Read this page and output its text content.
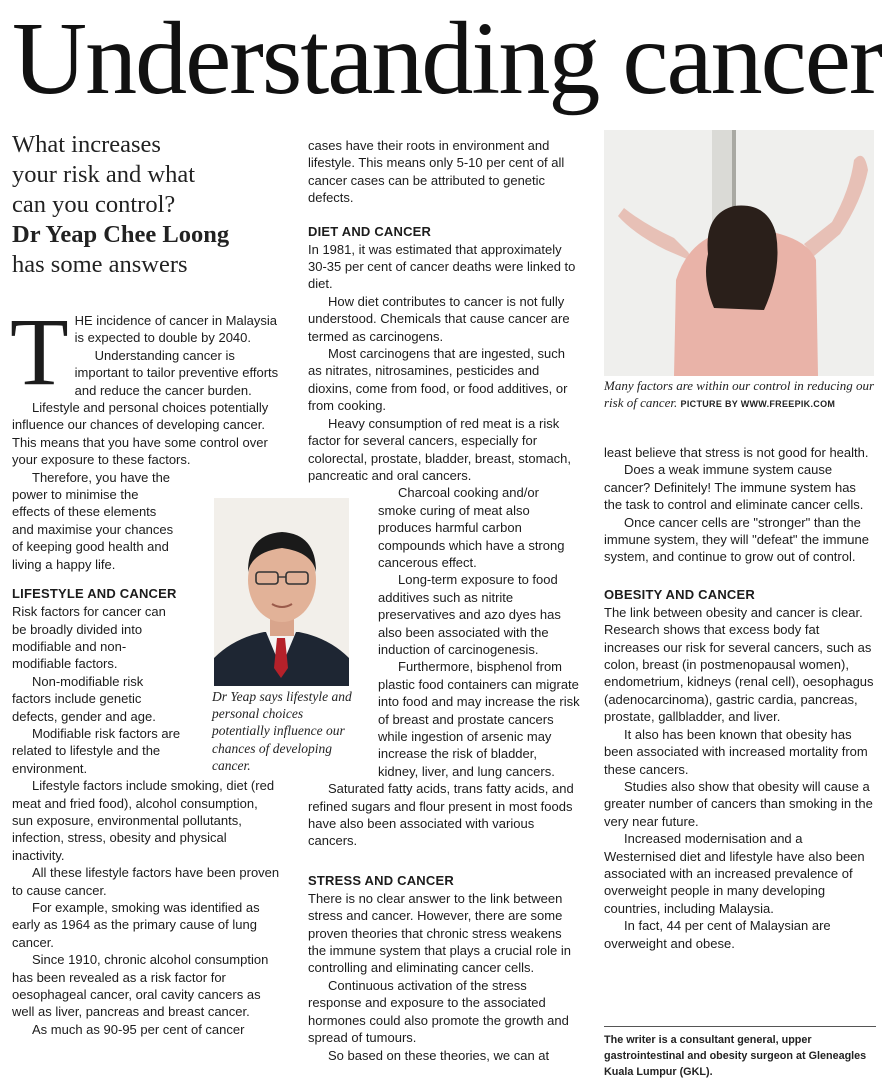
Understanding cancer
What increases
your risk and what
can you control?
Dr Yeap Chee Loong
has some answers

THE incidence of cancer in Malaysia is expected to double by 2040.

Understanding cancer is important to tailor preventive efforts and reduce the cancer burden.

Lifestyle and personal choices potentially influence our chances of developing cancer. This means that you have some control over your exposure to these factors.

Therefore, you have the power to minimise the effects of these elements and maximise your chances of keeping good health and living a happy life.

LIFESTYLE AND CANCER

Risk factors for cancer can be broadly divided into modifiable and non-modifiable factors.

Non-modifiable risk factors include genetic defects, gender and age.

Modifiable risk factors are related to lifestyle and the environment.

Lifestyle factors include smoking, diet (red meat and fried food), alcohol consumption, sun exposure, environmental pollutants, infection, stress, obesity and physical inactivity.

All these lifestyle factors have been proven to cause cancer.

For example, smoking was identified as early as 1964 as the primary cause of lung cancer.

Since 1910, chronic alcohol consumption has been revealed as a risk factor for oesophageal cancer, oral cavity cancers as well as liver, pancreas and breast cancer.

As much as 90-95 per cent of cancer

Dr Yeap says lifestyle and personal choices potentially influence our chances of developing cancer.

cases have their roots in environment and lifestyle. This means only 5-10 per cent of all cancer cases can be attributed to genetic defects.

DIET AND CANCER

In 1981, it was estimated that approximately 30-35 per cent of cancer deaths were linked to diet.

How diet contributes to cancer is not fully understood. Chemicals that cause cancer are termed as carcinogens.

Most carcinogens that are ingested, such as nitrates, nitrosamines, pesticides and dioxins, come from food, or food additives, or from cooking.

Heavy consumption of red meat is a risk factor for several cancers, especially for colorectal, prostate, bladder, breast, stomach, pancreatic and oral cancers.

Charcoal cooking and/or smoke curing of meat also produces harmful carbon compounds which have a strong cancerous effect.

Long-term exposure to food additives such as nitrite preservatives and azo dyes has also been associated with the induction of carcinogenesis.

Furthermore, bisphenol from plastic food containers can migrate into food and may increase the risk of breast and prostate cancers while ingestion of arsenic may increase the risk of bladder, kidney, liver, and lung cancers.

Saturated fatty acids, trans fatty acids, and refined sugars and flour present in most foods have also been associated with various cancers.

STRESS AND CANCER

There is no clear answer to the link between stress and cancer. However, there are some proven theories that chronic stress weakens the immune system that plays a crucial role in controlling and eliminating cancer cells.

Continuous activation of the stress response and exposure to the associated hormones could also promote the growth and spread of tumours.

So based on these theories, we can at

Many factors are within our control in reducing our risk of cancer. PICTURE BY WWW.FREEPIK.COM

least believe that stress is not good for health.

Does a weak immune system cause cancer? Definitely! The immune system has the task to control and eliminate cancer cells.

Once cancer cells are "stronger" than the immune system, they will "defeat" the immune system, and continue to grow out of control.

OBESITY AND CANCER

The link between obesity and cancer is clear. Research shows that excess body fat increases our risk for several cancers, such as colon, breast (in postmenopausal women), endometrium, kidneys (renal cell), oesophagus (adenocarcinoma), gastric cardia, pancreas, prostate, gallbladder, and liver.

It also has been known that obesity has been associated with increased mortality from these cancers.

Studies also show that obesity will cause a greater number of cancers than smoking in the very near future.

Increased modernisation and a Westernised diet and lifestyle have also been associated with an increased prevalence of overweight people in many developing countries, including Malaysia.

In fact, 44 per cent of Malaysian are overweight and obese.

The writer is a consultant general, upper gastrointestinal and obesity surgeon at Gleneagles Kuala Lumpur (GKL).
